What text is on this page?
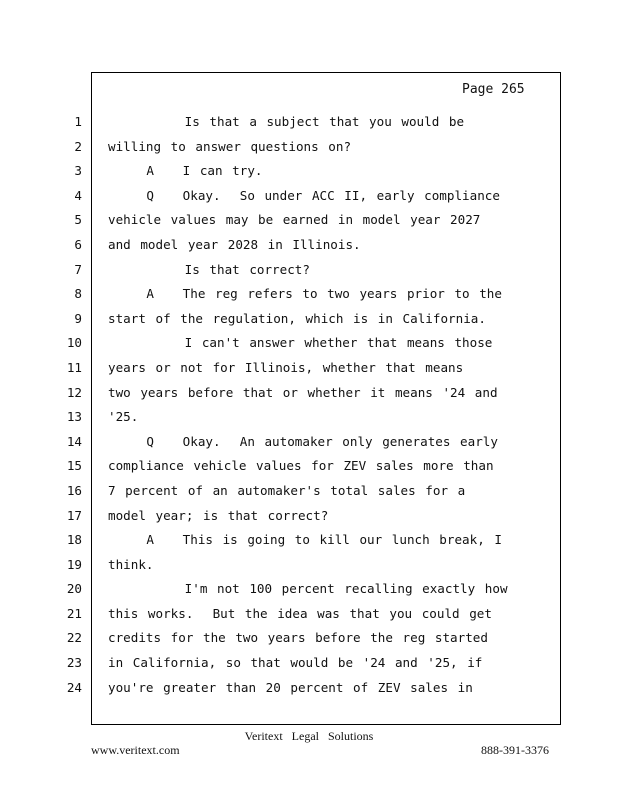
Page 265
1 Is that a subject that you would be
2 willing to answer questions on?
3 A   I can try.
4 Q   Okay.  So under ACC II, early compliance
5 vehicle values may be earned in model year 2027
6 and model year 2028 in Illinois.
7 Is that correct?
8 A   The reg refers to two years prior to the
9 start of the regulation, which is in California.
10 I can't answer whether that means those
11 years or not for Illinois, whether that means
12 two years before that or whether it means '24 and
13 '25.
14 Q   Okay.  An automaker only generates early
15 compliance vehicle values for ZEV sales more than
16 7 percent of an automaker's total sales for a
17 model year; is that correct?
18 A   This is going to kill our lunch break, I
19 think.
20 I'm not 100 percent recalling exactly how
21 this works.  But the idea was that you could get
22 credits for the two years before the reg started
23 in California, so that would be '24 and '25, if
24 you're greater than 20 percent of ZEV sales in
Veritext Legal Solutions
www.veritext.com	888-391-3376
